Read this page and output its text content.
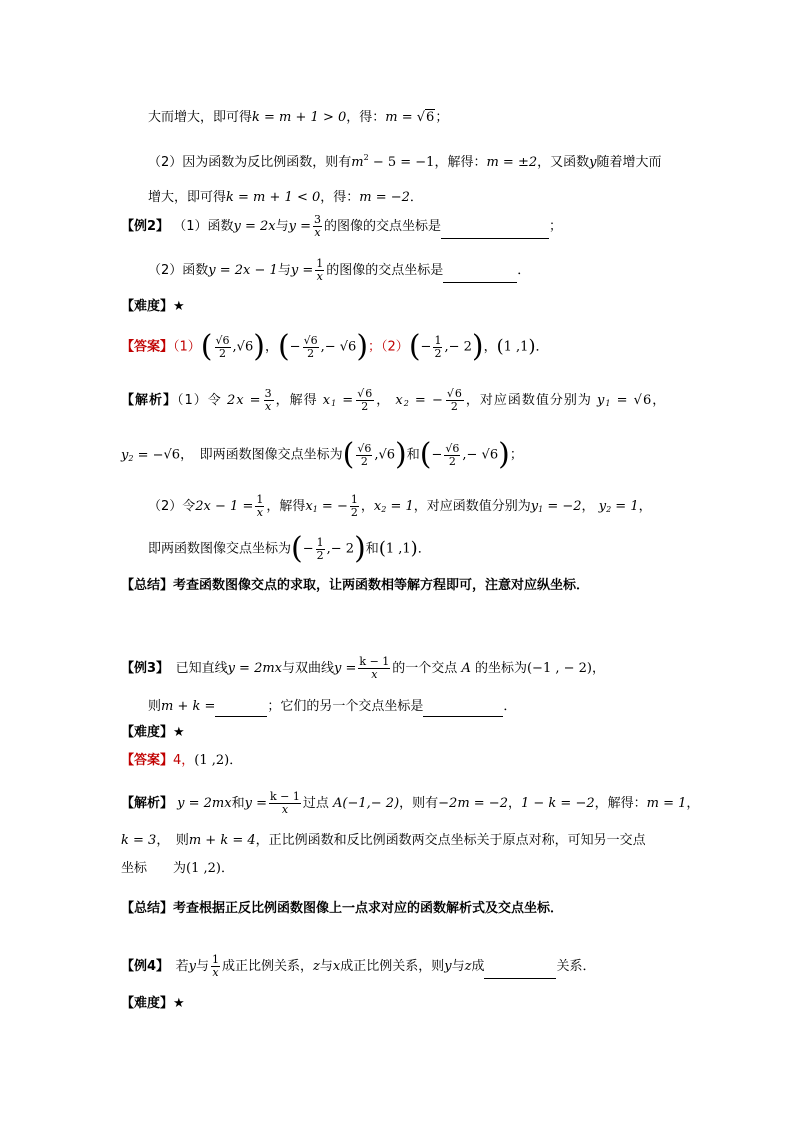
大而增大，即可得k = m + 1 > 0，得：m = √6；
（2）因为函数为反比例函数，则有$m^2 - 5 = -1$，解得：m = ±2，又函数y随着增大而
增大，即可得k = m + 1 < 0，得：m = −2．
【例2】 （1）函数y = 2x与$y = \frac{3}{x}$ 的图像的交点坐标是	；
（2）函数y = 2x − 1与$y = \frac{1}{x}$ 的图像的交点坐标是	．
【难度】★
【答案】$(1)( \frac{√6}{2} ,√6)$，(− $\frac{√6}{2}$ ,− √6)；$(2)(- \frac{1}{2}$ ,− 2)，(1 ,1)．
【解析】（1）令 $2x = \frac{3}{x}$ ，解得 $x_1 = \frac{√6}{2}$ ， $x_2$ = − $\frac{√6}{2}$ ，对应函数值分别为 $y_1 = √6$，
$y_2 = -√6$，　即两函数图像交点坐标为( $\frac{√6}{2} ,√6$)和(− $\frac{√6}{2}$ ,− √6)；
（2）令$2x - 1 = \frac{1}{x}$ ，解得$x_1$ = − $\frac{1}{2}$ ，$x_2 = 1$，对应函数值分别为$y_1 = -2$， $y_2 = 1$，
即两函数图像交点坐标为(− $\frac{1}{2}$ ,− 2)和(1 ,1)．
【总结】考查函数图像交点的求取，让两函数相等解方程即可，注意对应纵坐标．
【例3】　 已知直线y = 2mx与双曲线$y = \frac{k - 1}{x}$ 的一个交点 A 的坐标为(−1 , − 2)，
则m + k =	；它们的另一个交点坐标是	．
【难度】★
【答案】4，(1 ,2)．
【解析】 y = 2mx和$y = \frac{k - 1}{x}$ 过点 A(−1,− 2)，则有−2m = −2，1 − k = −2，解得：m = 1，
k = 3，　则m + k = 4，正比例函数和反比例函数两交点坐标关于原点对称，可知另一交点
坐标　　为(1 ,2)．
【总结】考查根据正反比例函数图像上一点求对应的函数解析式及交点坐标．
【例4】　 若y与 $\frac{1}{x}$ 成正比例关系，z与x成正比例关系，则y与z成	关系．
【难度】★
